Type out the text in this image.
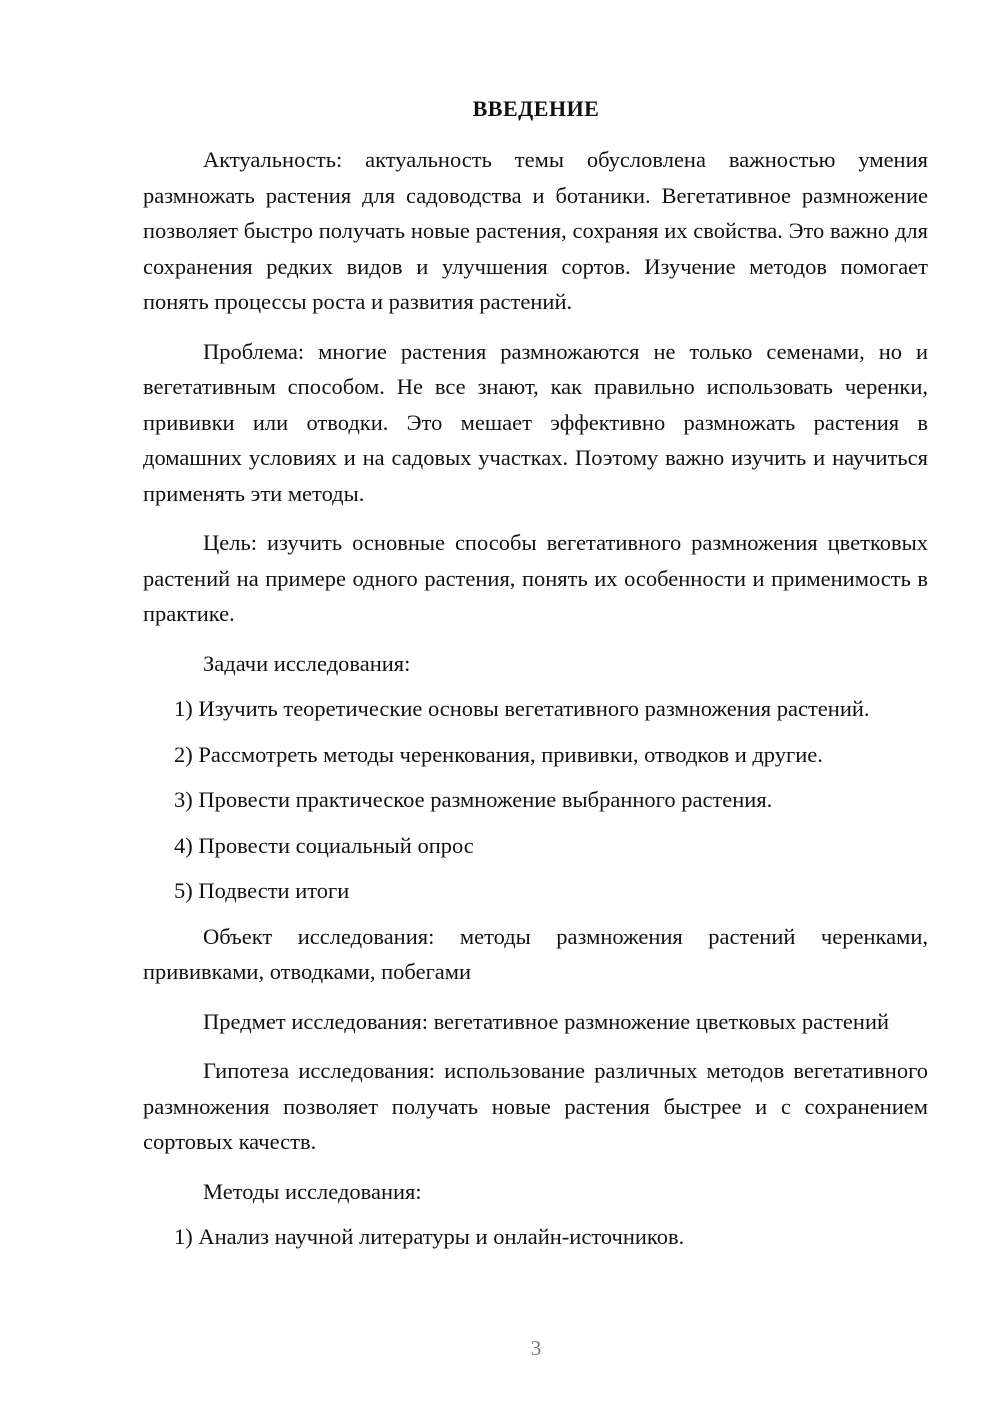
ВВЕДЕНИЕ

Актуальность: актуальность темы обусловлена важностью умения размножать растения для садоводства и ботаники. Вегетативное размножение позволяет быстро получать новые растения, сохраняя их свойства. Это важно для сохранения редких видов и улучшения сортов. Изучение методов помогает понять процессы роста и развития растений.

Проблема: многие растения размножаются не только семенами, но и вегетативным способом. Не все знают, как правильно использовать черенки, прививки или отводки. Это мешает эффективно размножать растения в домашних условиях и на садовых участках. Поэтому важно изучить и научиться применять эти методы.

Цель: изучить основные способы вегетативного размножения цветковых растений на примере одного растения, понять их особенности и применимость в практике.

Задачи исследования:

1) Изучить теоретические основы вегетативного размножения растений.

2) Рассмотреть методы черенкования, прививки, отводков и другие.

3) Провести практическое размножение выбранного растения.

4) Провести социальный опрос

5) Подвести итоги

Объект исследования: методы размножения растений черенками, прививками, отводками, побегами

Предмет исследования: вегетативное размножение цветковых растений

Гипотеза исследования: использование различных методов вегетативного размножения позволяет получать новые растения быстрее и с сохранением сортовых качеств.

Методы исследования:

1) Анализ научной литературы и онлайн-источников.

3
